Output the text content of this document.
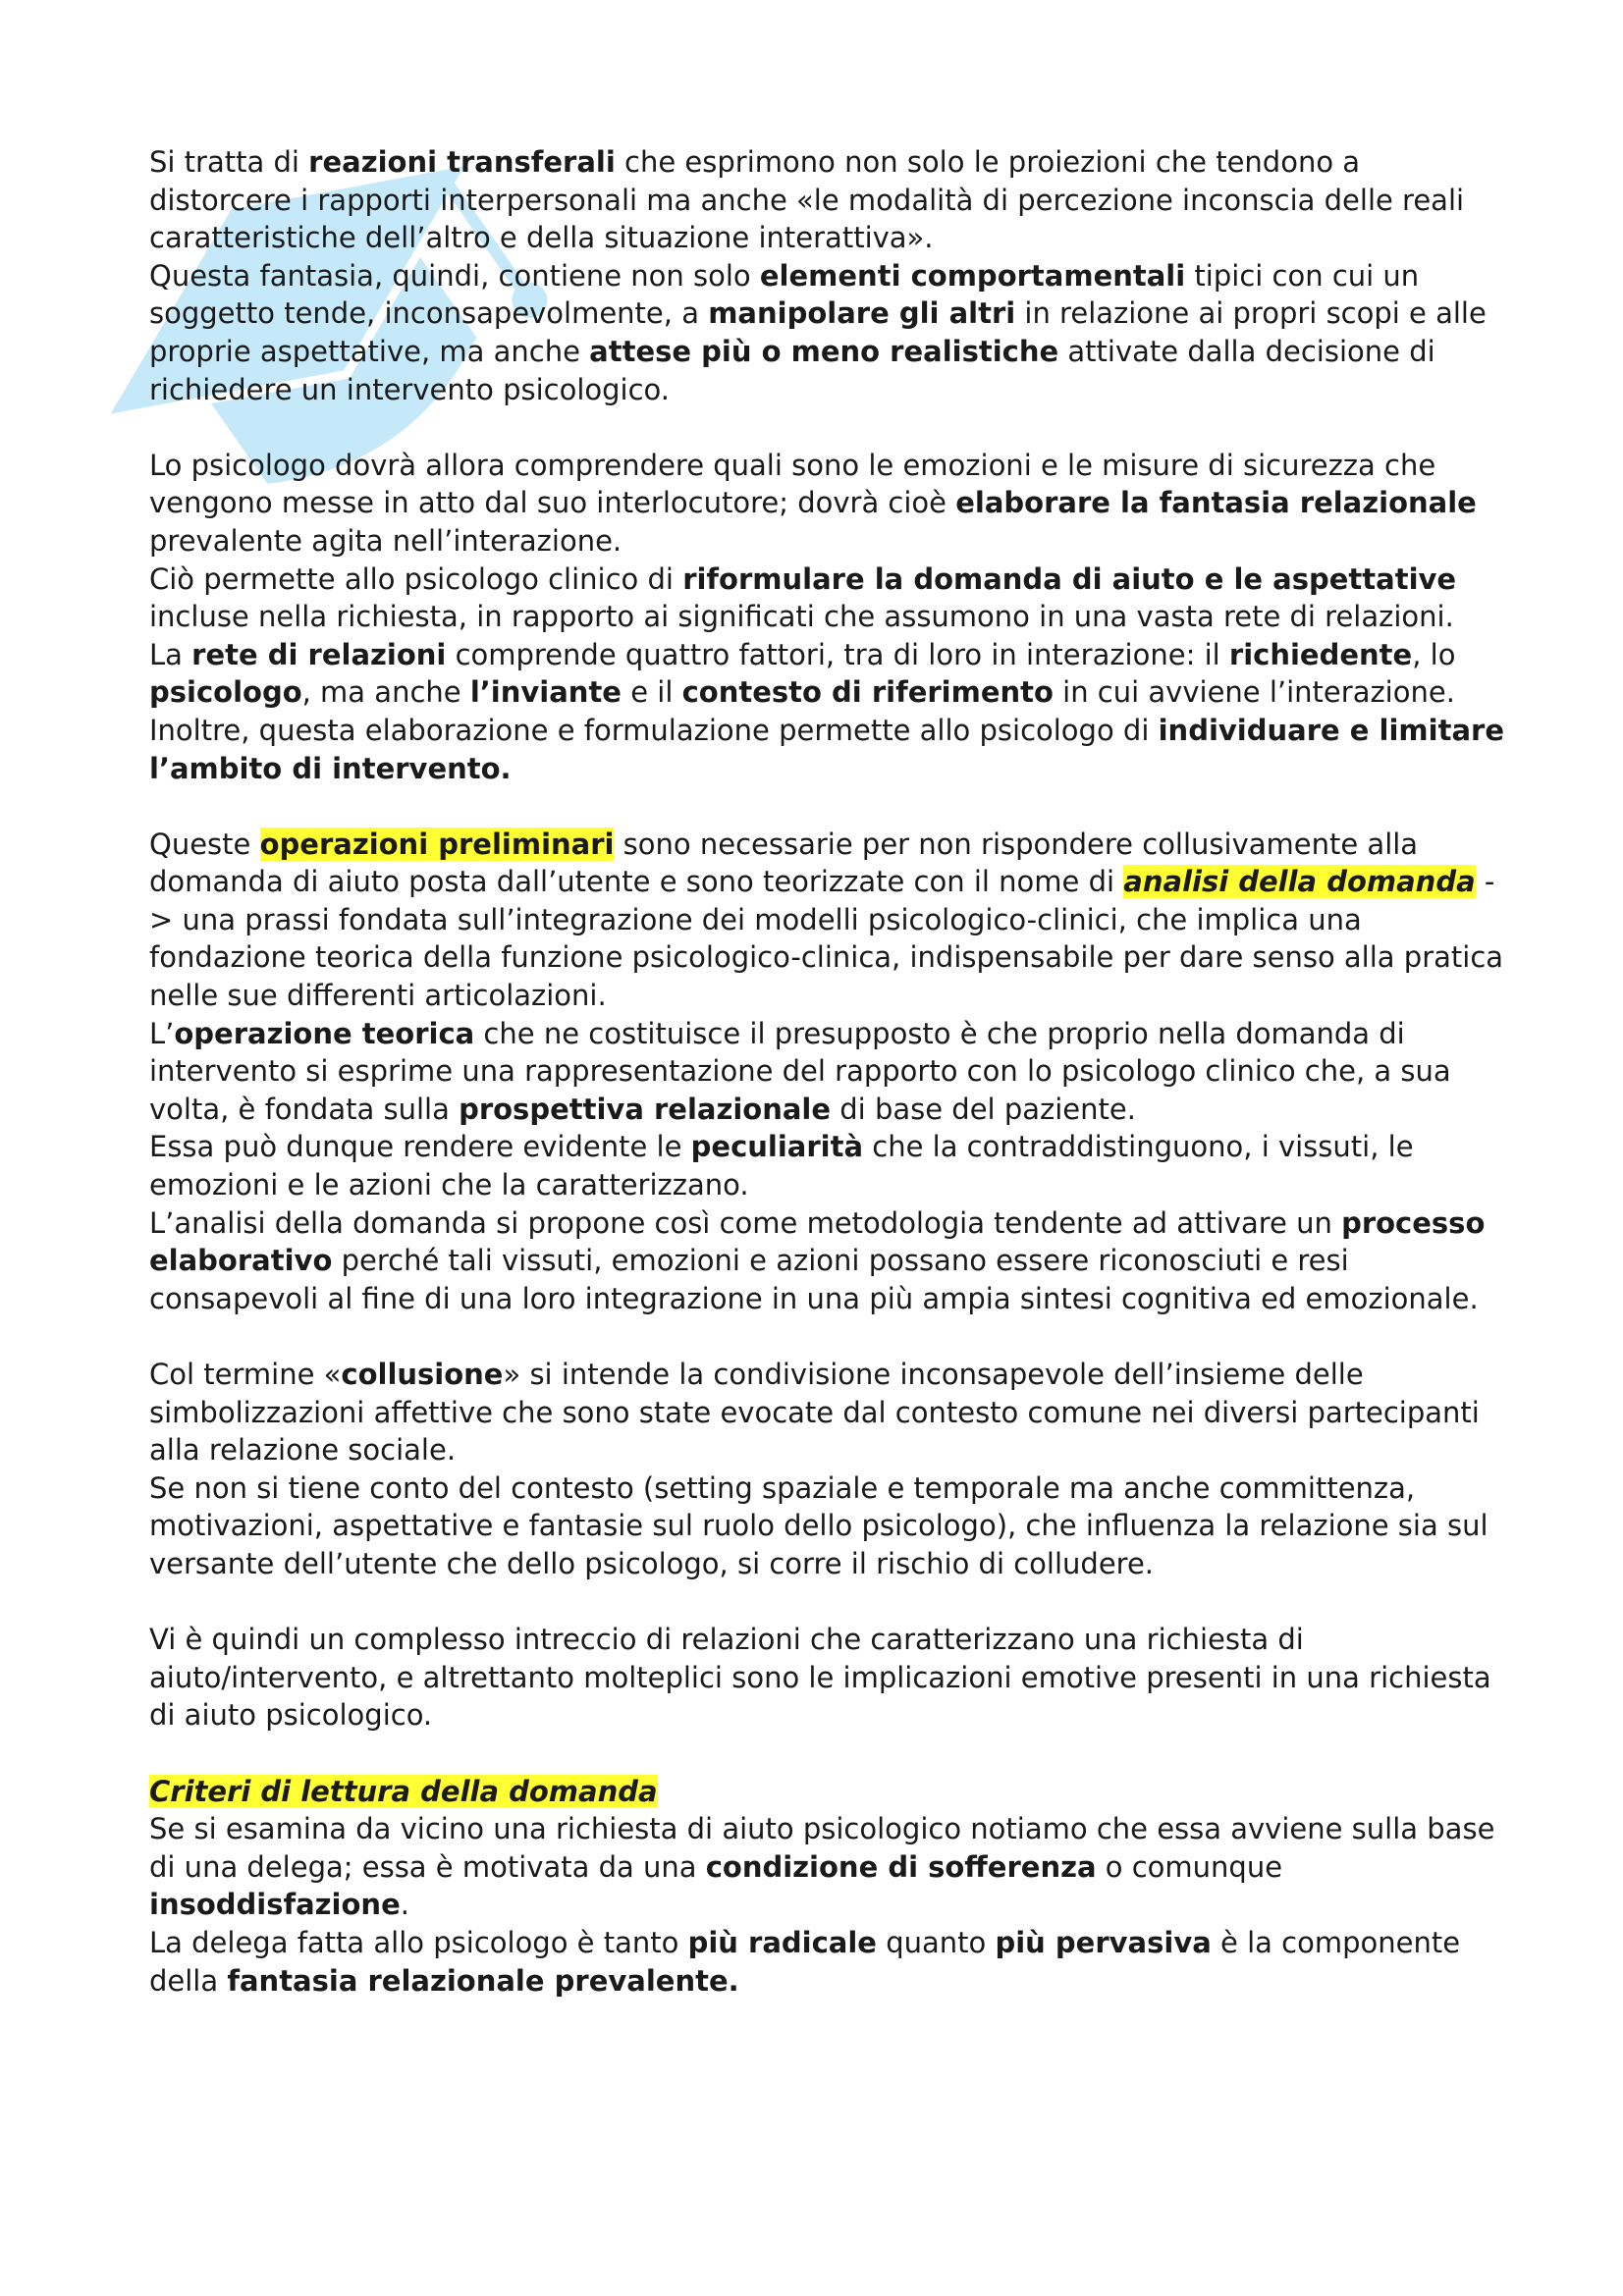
Si tratta di reazioni transferali che esprimono non solo le proiezioni che tendono a distorcere i rapporti interpersonali ma anche «le modalità di percezione inconscia delle reali caratteristiche dell’altro e della situazione interattiva».

Questa fantasia, quindi, contiene non solo elementi comportamentali tipici con cui un soggetto tende, inconsapevolmente, a manipolare gli altri in relazione ai propri scopi e alle proprie aspettative, ma anche attese più o meno realistiche attivate dalla decisione di richiedere un intervento psicologico.

Lo psicologo dovrà allora comprendere quali sono le emozioni e le misure di sicurezza che vengono messe in atto dal suo interlocutore; dovrà cioè elaborare la fantasia relazionale prevalente agita nell’interazione.

Ciò permette allo psicologo clinico di riformulare la domanda di aiuto e le aspettative incluse nella richiesta, in rapporto ai significati che assumono in una vasta rete di relazioni.

La rete di relazioni comprende quattro fattori, tra di loro in interazione: il richiedente, lo psicologo, ma anche l’inviante e il contesto di riferimento in cui avviene l’interazione.

Inoltre, questa elaborazione e formulazione permette allo psicologo di individuare e limitare l’ambito di intervento.

Queste operazioni preliminari sono necessarie per non rispondere collusivamente alla domanda di aiuto posta dall’utente e sono teorizzate con il nome di analisi della domanda -> una prassi fondata sull’integrazione dei modelli psicologico-clinici, che implica una fondazione teorica della funzione psicologico-clinica, indispensabile per dare senso alla pratica nelle sue differenti articolazioni.

L’operazione teorica che ne costituisce il presupposto è che proprio nella domanda di intervento si esprime una rappresentazione del rapporto con lo psicologo clinico che, a sua volta, è fondata sulla prospettiva relazionale di base del paziente.

Essa può dunque rendere evidente le peculiarità che la contraddistinguono, i vissuti, le emozioni e le azioni che la caratterizzano.

L’analisi della domanda si propone così come metodologia tendente ad attivare un processo elaborativo perché tali vissuti, emozioni e azioni possano essere riconosciuti e resi consapevoli al fine di una loro integrazione in una più ampia sintesi cognitiva ed emozionale.

Col termine «collusione» si intende la condivisione inconsapevole dell’insieme delle simbolizzazioni affettive che sono state evocate dal contesto comune nei diversi partecipanti alla relazione sociale.

Se non si tiene conto del contesto (setting spaziale e temporale ma anche committenza, motivazioni, aspettative e fantasie sul ruolo dello psicologo), che influenza la relazione sia sul versante dell’utente che dello psicologo, si corre il rischio di colludere.

Vi è quindi un complesso intreccio di relazioni che caratterizzano una richiesta di aiuto/intervento, e altrettanto molteplici sono le implicazioni emotive presenti in una richiesta di aiuto psicologico.

Criteri di lettura della domanda

Se si esamina da vicino una richiesta di aiuto psicologico notiamo che essa avviene sulla base di una delega; essa è motivata da una condizione di sofferenza o comunque insoddisfazione.

La delega fatta allo psicologo è tanto più radicale quanto più pervasiva è la componente della fantasia relazionale prevalente.
